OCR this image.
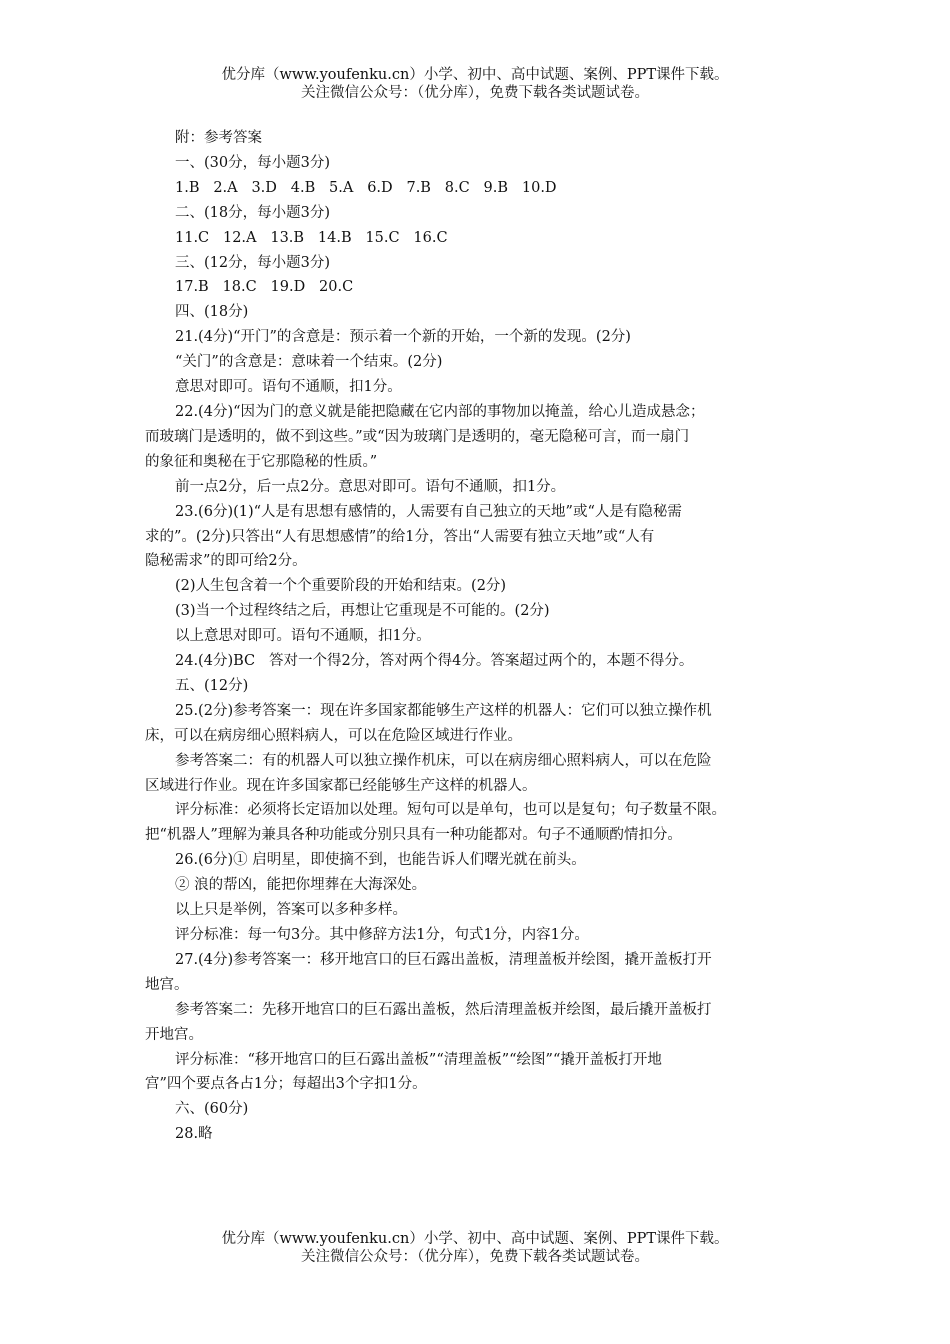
优分库（www.youfenku.cn）小学、初中、高中试题、案例、PPT课件下载。
关注微信公众号：（优分库），免费下载各类试题试卷。

附：参考答案

一、(30分，每小题3分)

1.B   2.A   3.D   4.B   5.A   6.D   7.B   8.C   9.B   10.D

二、(18分，每小题3分)

11.C   12.A   13.B   14.B   15.C   16.C

三、(12分，每小题3分)

17.B   18.C   19.D   20.C

四、(18分)

21.(4分)“开门”的含意是：预示着一个新的开始，一个新的发现。(2分)

“关门”的含意是：意味着一个结束。(2分)

意思对即可。语句不通顺，扣1分。

22.(4分)“因为门的意义就是能把隐藏在它内部的事物加以掩盖，给心儿造成悬念；

而玻璃门是透明的，做不到这些。”或“因为玻璃门是透明的，毫无隐秘可言，而一扇门

的象征和奥秘在于它那隐秘的性质。”

前一点2分，后一点2分。意思对即可。语句不通顺，扣1分。

23.(6分)(1)“人是有思想有感情的，人需要有自己独立的天地”或“人是有隐秘需

求的”。(2分)只答出“人有思想感情”的给1分，答出“人需要有独立天地”或“人有

隐秘需求”的即可给2分。

(2)人生包含着一个个重要阶段的开始和结束。(2分)

(3)当一个过程终结之后，再想让它重现是不可能的。(2分)

以上意思对即可。语句不通顺，扣1分。

24.(4分)BC   答对一个得2分，答对两个得4分。答案超过两个的，本题不得分。

五、(12分)

25.(2分)参考答案一：现在许多国家都能够生产这样的机器人：它们可以独立操作机

床，可以在病房细心照料病人，可以在危险区域进行作业。

参考答案二：有的机器人可以独立操作机床，可以在病房细心照料病人，可以在危险

区域进行作业。现在许多国家都已经能够生产这样的机器人。

评分标准：必须将长定语加以处理。短句可以是单句，也可以是复句；句子数量不限。

把“机器人”理解为兼具各种功能或分别只具有一种功能都对。句子不通顺酌情扣分。

26.(6分)① 启明星，即使摘不到，也能告诉人们曙光就在前头。

② 浪的帮凶，能把你埋葬在大海深处。

以上只是举例，答案可以多种多样。

评分标准：每一句3分。其中修辞方法1分，句式1分，内容1分。

27.(4分)参考答案一：移开地宫口的巨石露出盖板，清理盖板并绘图，撬开盖板打开

地宫。

参考答案二：先移开地宫口的巨石露出盖板，然后清理盖板并绘图，最后撬开盖板打

开地宫。

评分标准：“移开地宫口的巨石露出盖板”“清理盖板”“绘图”“撬开盖板打开地

宫”四个要点各占1分；每超出3个字扣1分。

六、(60分)

28.略

优分库（www.youfenku.cn）小学、初中、高中试题、案例、PPT课件下载。
关注微信公众号：（优分库），免费下载各类试题试卷。
